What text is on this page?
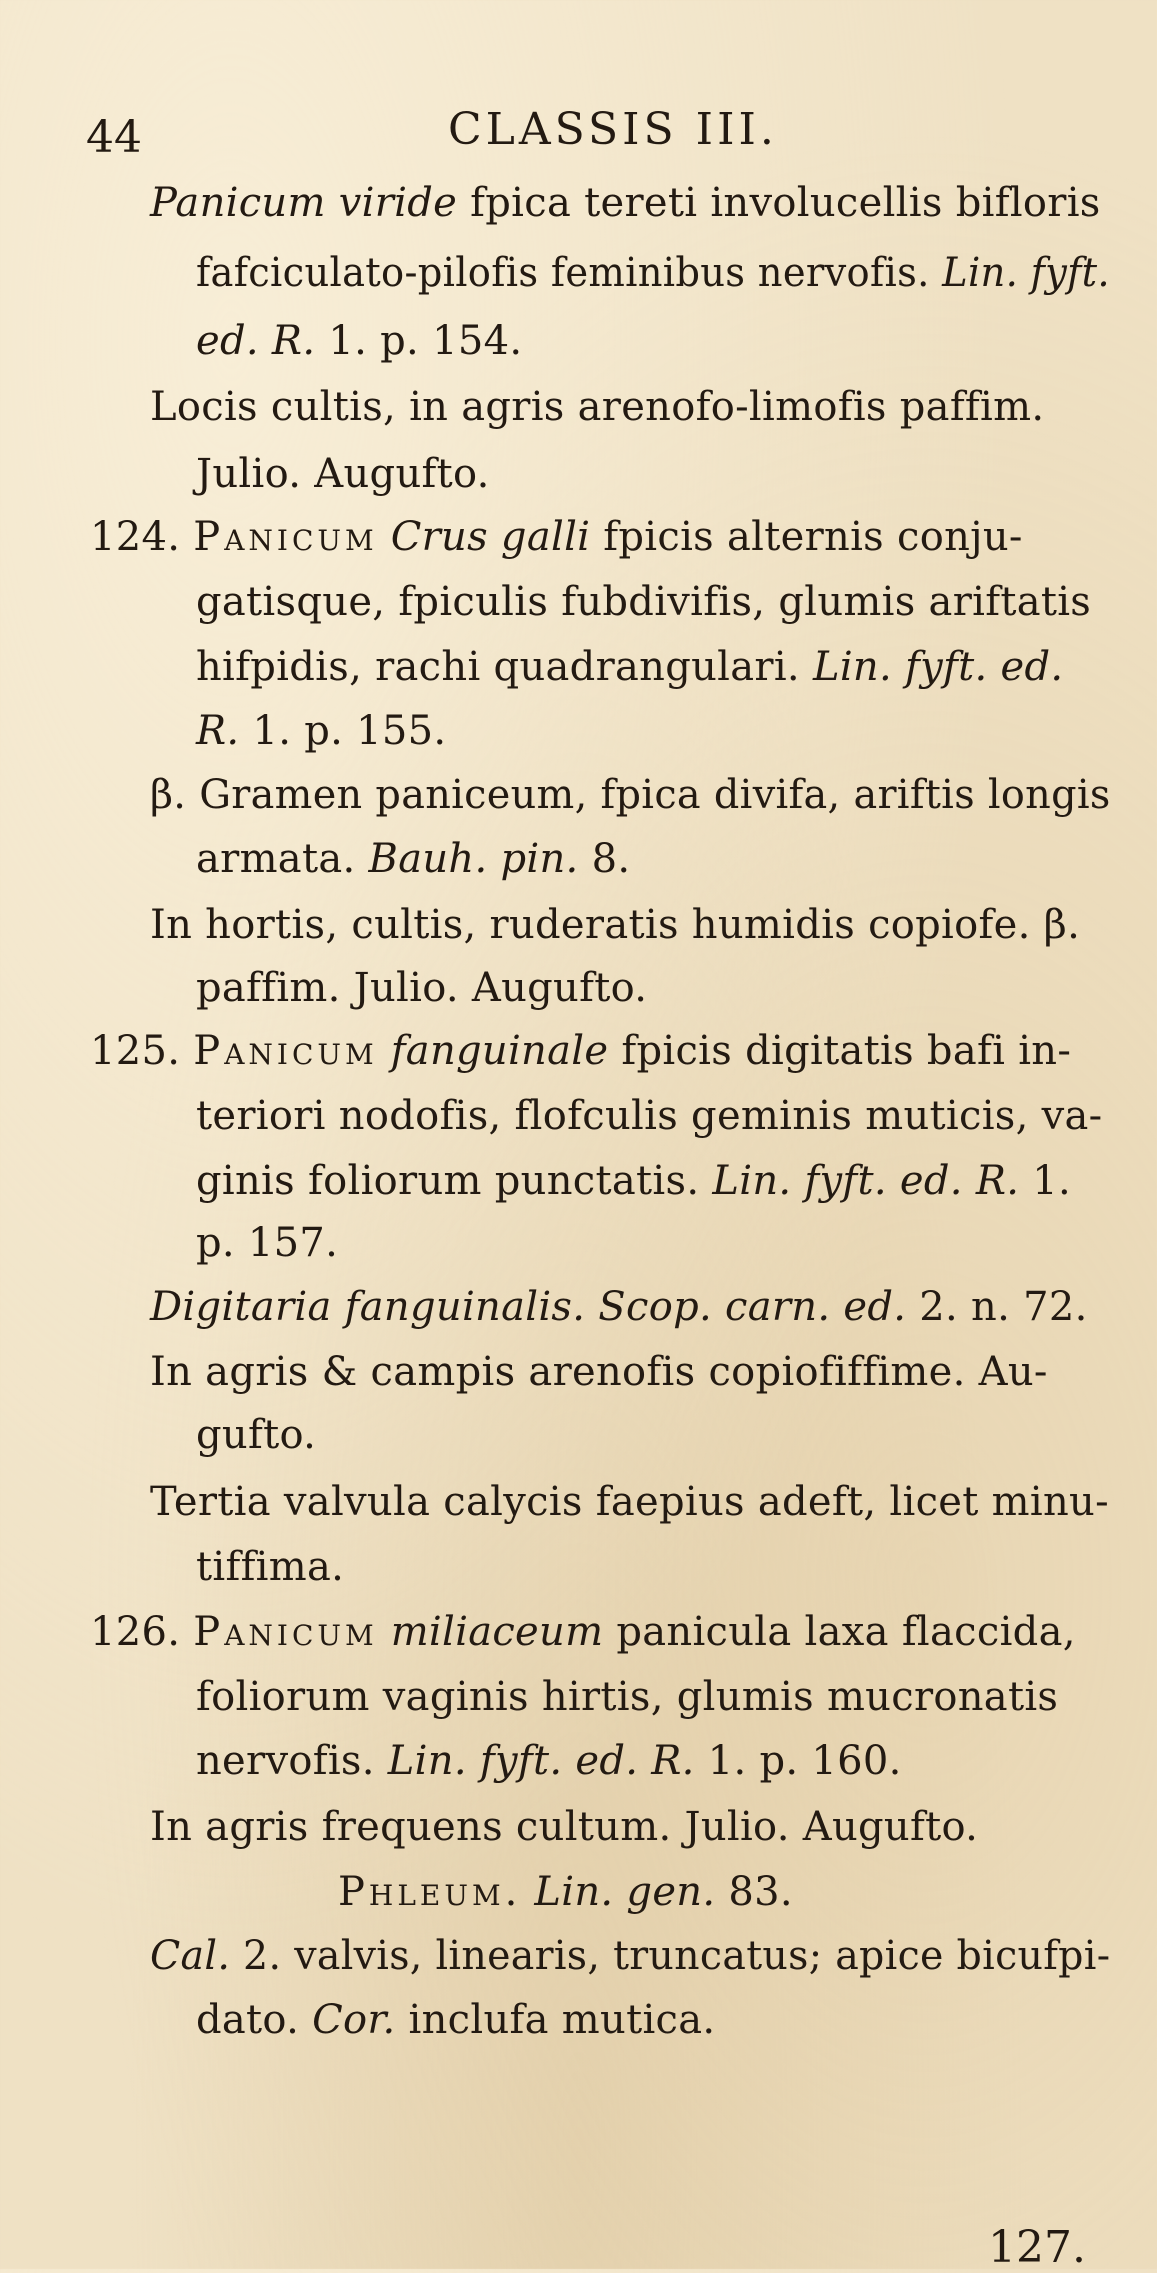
44	CLASSIS III.
Panicum viride fpica tereti involucellis bifloris
fafciculato-pilofis feminibus nervofis. Lin. fyft.
ed. R. 1. p. 154.
Locis cultis, in agris arenofo-limofis paffim.
Julio. Augufto.
124. Panicum Crus galli fpicis alternis conju-
gatisque, fpiculis fubdivifis, glumis ariftatis
hifpidis, rachi quadrangulari. Lin. fyft. ed.
R. 1. p. 155.
β. Gramen paniceum, fpica divifa, ariftis longis
armata. Bauh. pin. 8.
In hortis, cultis, ruderatis humidis copiofe. β.
paffim. Julio. Augufto.
125. Panicum fanguinale fpicis digitatis bafi in-
teriori nodofis, flofculis geminis muticis, va-
ginis foliorum punctatis. Lin. fyft. ed. R. 1.
p. 157.
Digitaria fanguinalis. Scop. carn. ed. 2. n. 72.
In agris & campis arenofis copiofiffime. Au-
gufto.
Tertia valvula calycis faepius adeft, licet minu-
tiffima.
126. Panicum miliaceum panicula laxa flaccida,
foliorum vaginis hirtis, glumis mucronatis
nervofis. Lin. fyft. ed. R. 1. p. 160.
In agris frequens cultum. Julio. Augufto.
Phleum. Lin. gen. 83.
Cal. 2. valvis, linearis, truncatus; apice bicufpi-
dato. Cor. inclufa mutica.
127.
